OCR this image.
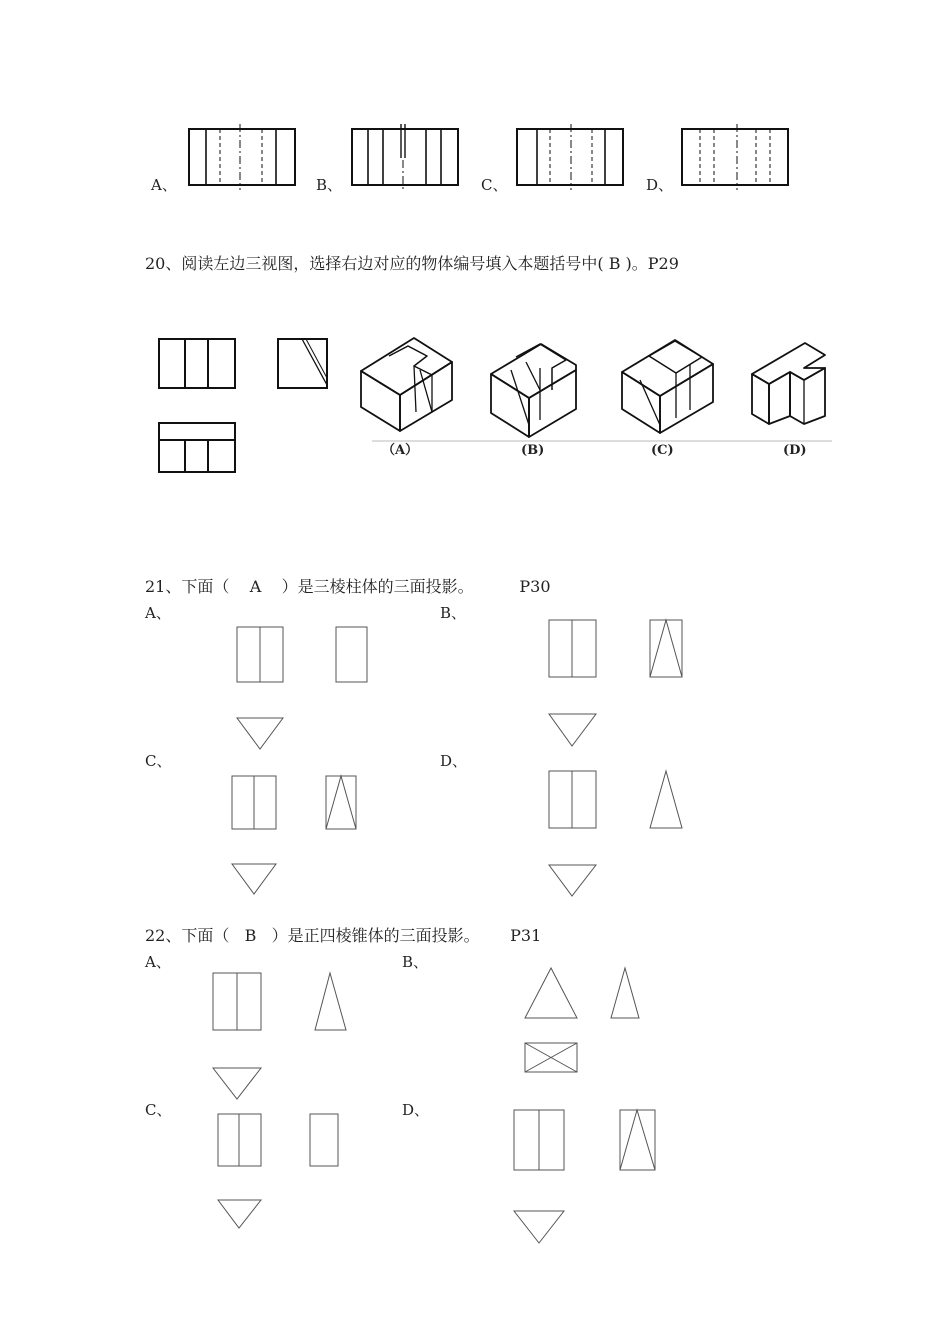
A、	B、	C、	D、
20、阅读左边三视图，选择右边对应的物体编号填入本题括号中( B )。P29
（A）	(B)	(C)	(D)
21、下面（    A    ）是三棱柱体的三面投影。         P30
A、	B、
C、	D、
22、下面（   B   ）是正四棱锥体的三面投影。      P31
A、	B、
C、	D、
